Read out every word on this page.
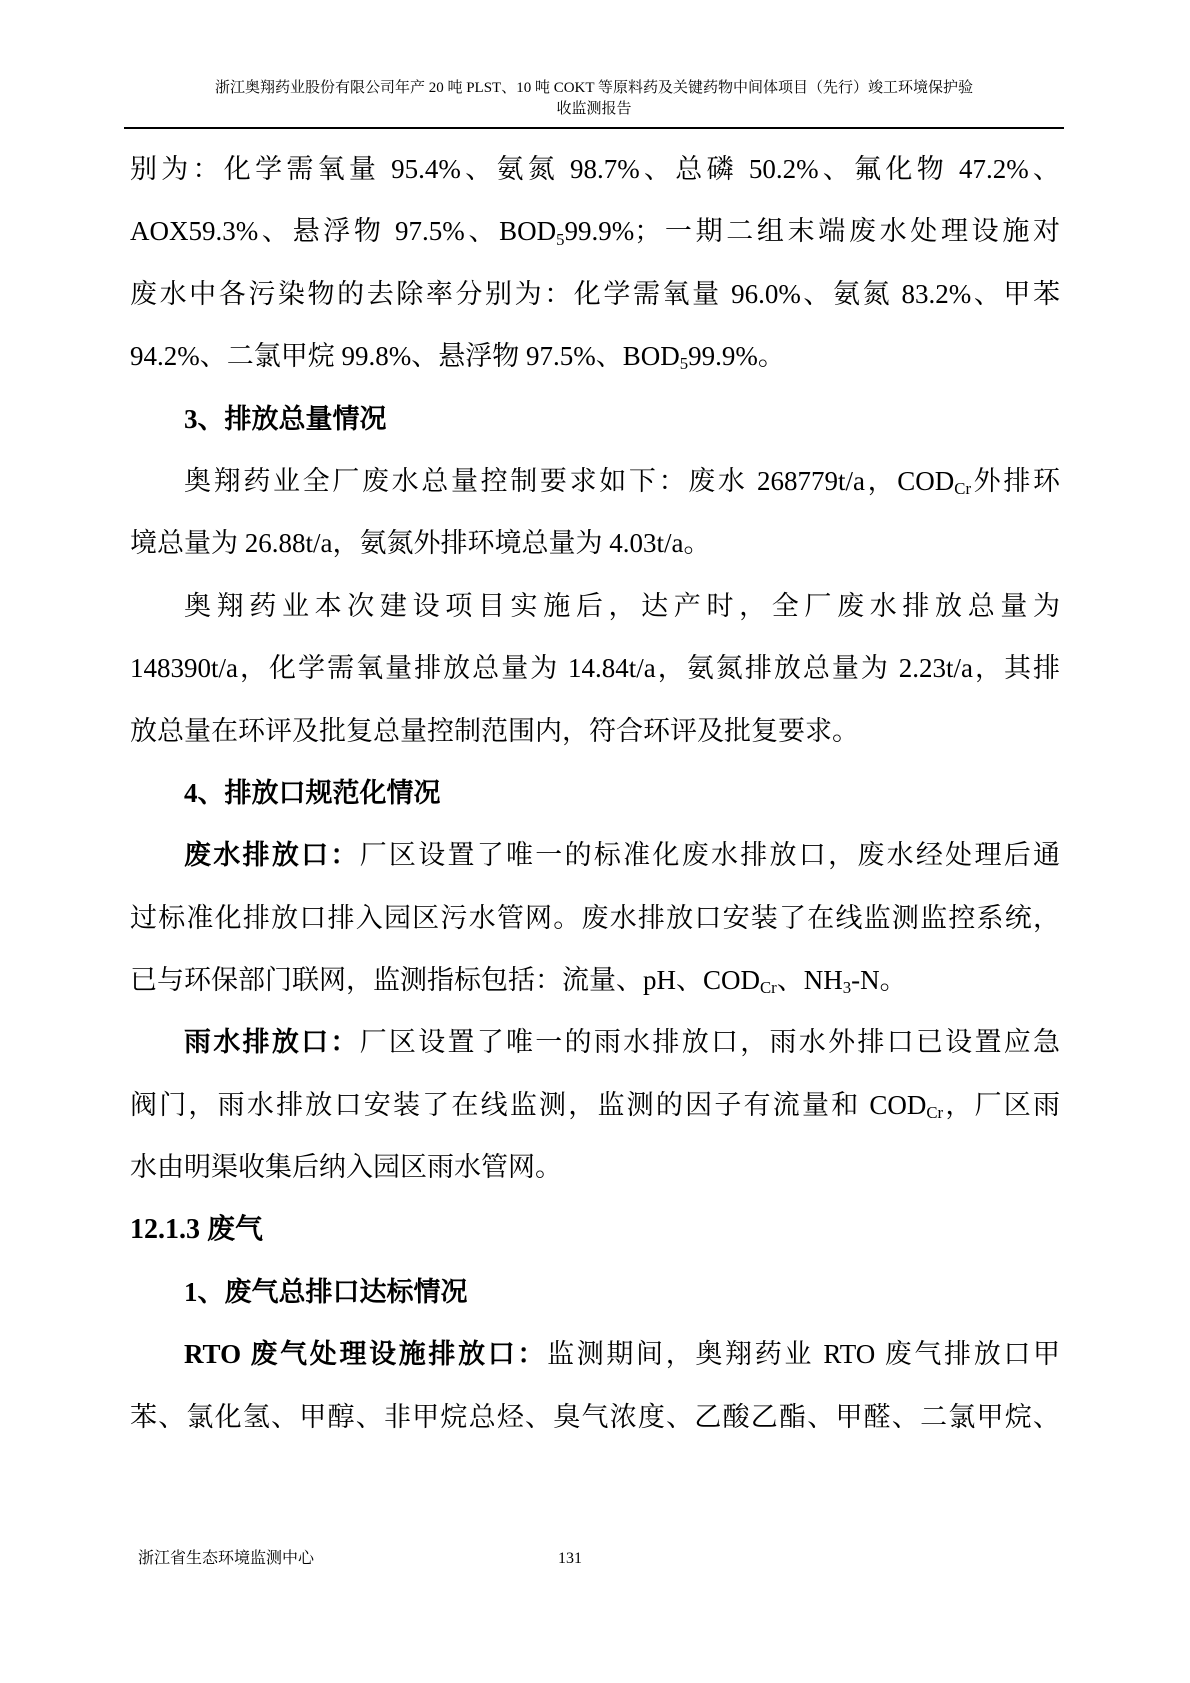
浙江奥翔药业股份有限公司年产 20 吨 PLST、10 吨 COKT 等原料药及关键药物中间体项目（先行）竣工环境保护验
收监测报告
别为：化学需氧量 95.4%、氨氮 98.7%、总磷 50.2%、氟化物 47.2%、
AOX59.3%、悬浮物 97.5%、$BOD_599.9\%$；一期二组末端废水处理设施对
废水中各污染物的去除率分别为：化学需氧量 96.0%、氨氮 83.2%、甲苯
94.2%、二氯甲烷 99.8%、悬浮物 97.5%、$BOD_599.9\%$。
3、排放总量情况
奥翔药业全厂废水总量控制要求如下：废水 268779t/a，$COD_{Cr}$外排环
境总量为 26.88t/a，氨氮外排环境总量为 4.03t/a。
奥翔药业本次建设项目实施后，达产时，全厂废水排放总量为
148390t/a，化学需氧量排放总量为 14.84t/a，氨氮排放总量为 2.23t/a，其排
放总量在环评及批复总量控制范围内，符合环评及批复要求。
4、排放口规范化情况
废水排放口：厂区设置了唯一的标准化废水排放口，废水经处理后通
过标准化排放口排入园区污水管网。废水排放口安装了在线监测监控系统，
已与环保部门联网，监测指标包括：流量、pH、$COD_{Cr}$、$NH_3-N$。
雨水排放口：厂区设置了唯一的雨水排放口，雨水外排口已设置应急
阀门，雨水排放口安装了在线监测，监测的因子有流量和 $COD_{Cr}$，厂区雨
水由明渠收集后纳入园区雨水管网。
12.1.3 废气
1、废气总排口达标情况
RTO 废气处理设施排放口：监测期间，奥翔药业 RTO 废气排放口甲
苯、氯化氢、甲醇、非甲烷总烃、臭气浓度、乙酸乙酯、甲醛、二氯甲烷、
浙江省生态环境监测中心	131
